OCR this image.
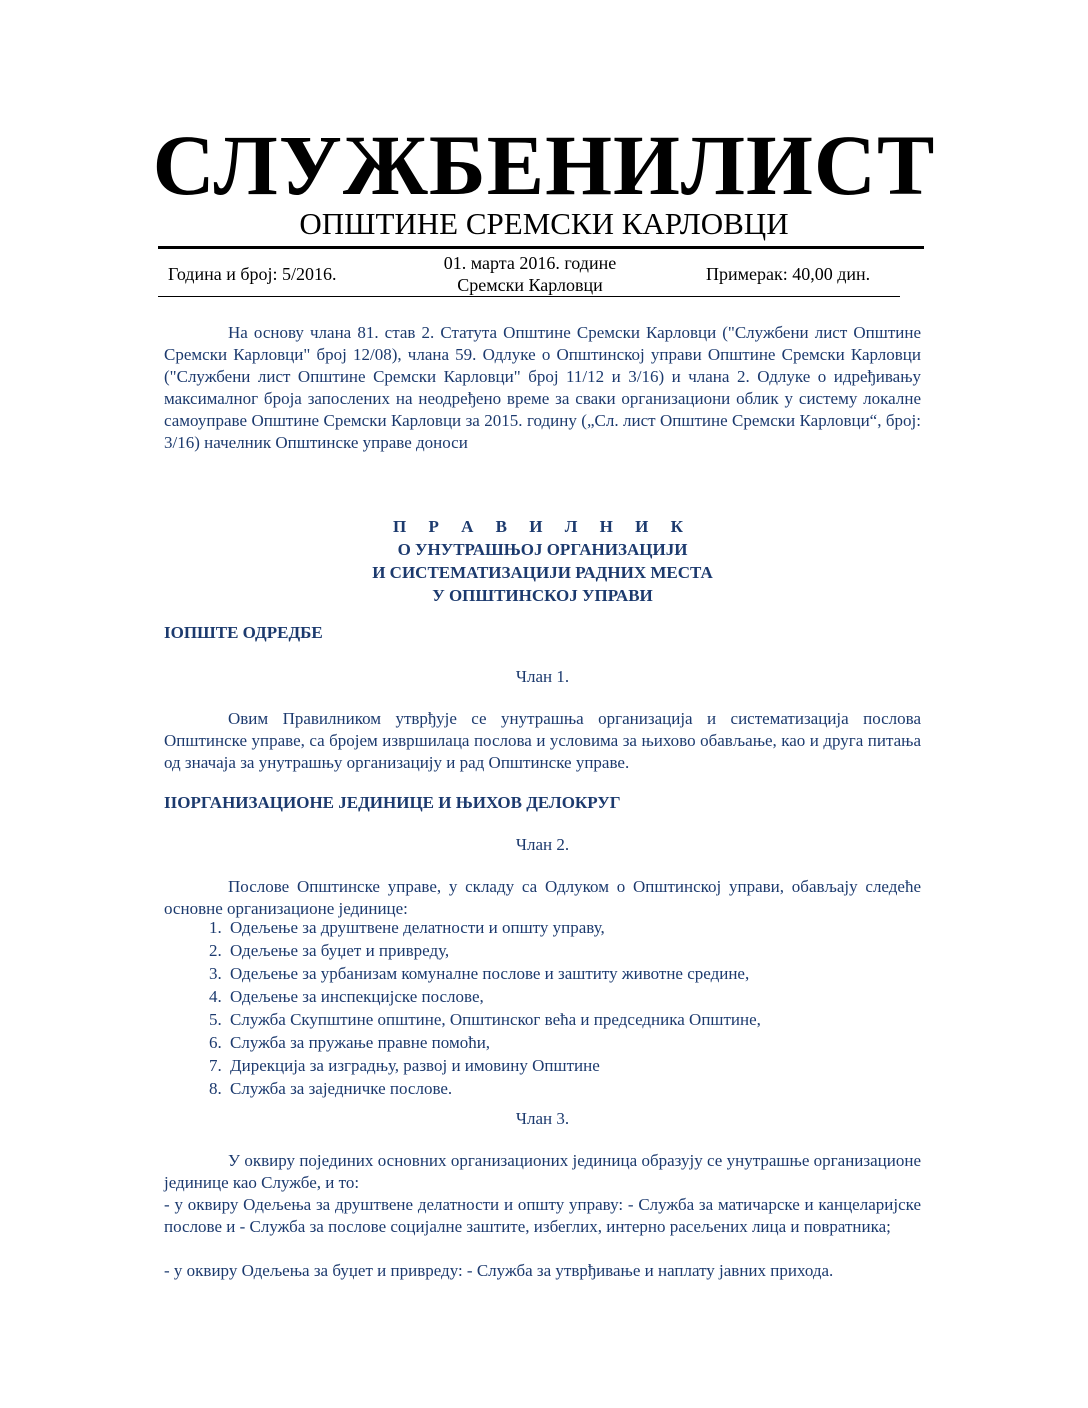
СЛУЖБЕНИЛИСТ
ОПШТИНЕ СРЕМСКИ КАРЛОВЦИ
Година и број: 5/2016.
01. марта 2016. године
Сремски Карловци
Примерак: 40,00 дин.
На основу члана 81. став 2. Статута Општине Сремски Карловци ("Службени лист Општине Сремски Карловци" број 12/08), члана 59. Одлуке о Општинској управи Општине Сремски Карловци ("Службени лист Општине Сремски Карловци" број 11/12 и 3/16) и члана 2. Одлуке о идређивању максималног броја запослених на неодређено време за сваки организациони облик у систему локалне самоуправе Општине Сремски Карловци за 2015. годину („Сл. лист Општине Сремски Карловци“, број: 3/16) начелник Општинске управе доноси
П Р А В И Л Н И К
О УНУТРАШЊОЈ ОРГАНИЗАЦИЈИ
И СИСТЕМАТИЗАЦИЈИ РАДНИХ МЕСТА
У ОПШТИНСКОЈ УПРАВИ
IОПШТЕ ОДРЕДБЕ
Члан 1.
Овим Правилником утврђује се унутрашња организација и систематизација послова Општинске управе, са бројем извршилаца послова и условима за њихово обављање, као и друга питања од значаја за унутрашњу организацију и рад Општинске управе.
IIОРГАНИЗАЦИОНЕ ЈЕДИНИЦЕ И ЊИХОВ ДЕЛОКРУГ
Члан 2.
Послове Општинске управе, у складу са Одлуком о Општинској управи, обављају следеће основне организационе јединице:
1. Одељење за друштвене делатности и општу управу,
2. Одељење за буџет и привреду,
3. Одељење за урбанизам комуналне послове и заштиту животне средине,
4. Одељење за инспекцијске послове,
5. Служба Скупштине општине, Општинског већа и председника Општине,
6. Служба за пружање правне помоћи,
7. Дирекција за изградњу, развој и имовину Општине
8. Служба за заједничке послове.
Члан 3.
У оквиру појединих основних организационих јединица образују се унутрашње организационе јединице као Службе, и то:
- у оквиру Одељења за друштвене делатности и општу управу: - Служба за матичарске и канцеларијске послове и - Служба за послове социјалне заштите, избеглих, интерно расељених лица и повратника;
- у оквиру Одељења за буџет и привреду: - Служба за утврђивање и наплату јавних прихода.
